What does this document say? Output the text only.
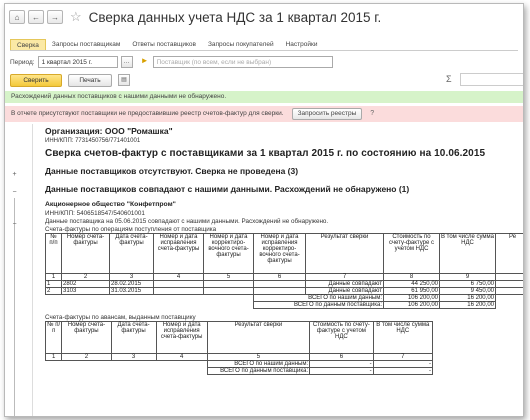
⌂ ← → ☆ Сверка данных учета НДС за 1 квартал 2015 г.
Сверка	Запросы поставщикам	Ответы поставщиков	Запросы покупателей	Настройки
Период:	1 квартал 2015 г.	…	►	Поставщик (по всем, если не выбран)
Сверить	Печать	▤	Σ
Расхождений данных поставщиков с нашими данными не обнаружено.
В отчете присутствуют поставщики не предоставившие реестр счетов-фактур для сверки.	Запросить реестры	?
+
−
−
Организация: ООО "Ромашка"
ИНН/КПП: 7731450756/771401001
Сверка счетов-фактур с поставщиками за 1 квартал 2015 г. по состоянию на 10.06.2015
Данные поставщиков отсутствуют. Сверка не проведена (3)
Данные поставщиков совпадают с нашими данными. Расхождений не обнаружено (1)
Акционерное общество "Конфетпром"
ИНН/КПП: 5406518547/540601001
Данные поставщика на 05.06.2015 совпадают с нашими данными. Расхождений не обнаружено.
Счета-фактуры по операциям поступления от поставщика
№ п/п	Номер счета-фактуры	Дата счета-фактуры	Номер и дата исправления счета-фактуры	Номер и дата корректиро-вочного счета-фактуры	Номер и дата исправления корректиро-вочного счета-фактуры	Результат сверки	Стоимость по счету-фактуре с учетом НДС	В том числе сумма НДС	Ре
1	2	3	4	5	6	7	8	9	
1	2802	28.02.2015				Данные совпадают	44 250,00	6 750,00	
2	3103	31.03.2015				Данные совпадают	61 950,00	9 450,00	
					ВСЕГО по нашим данным:		106 200,00	16 200,00	
					ВСЕГО по данным поставщика:		106 200,00	16 200,00	
Счета-фактуры по авансам, выданным поставщику
№ п/п	Номер счета-фактуры	Дата счета-фактуры	Номер и дата исправления счета-фактуры	Результат сверки	Стоимость по счету-фактуре с учетом НДС	В том числе сумма НДС
1	2	3	4	5	6	7
				ВСЕГО по нашим данным:	-	-
				ВСЕГО по данным поставщика:	-	-
